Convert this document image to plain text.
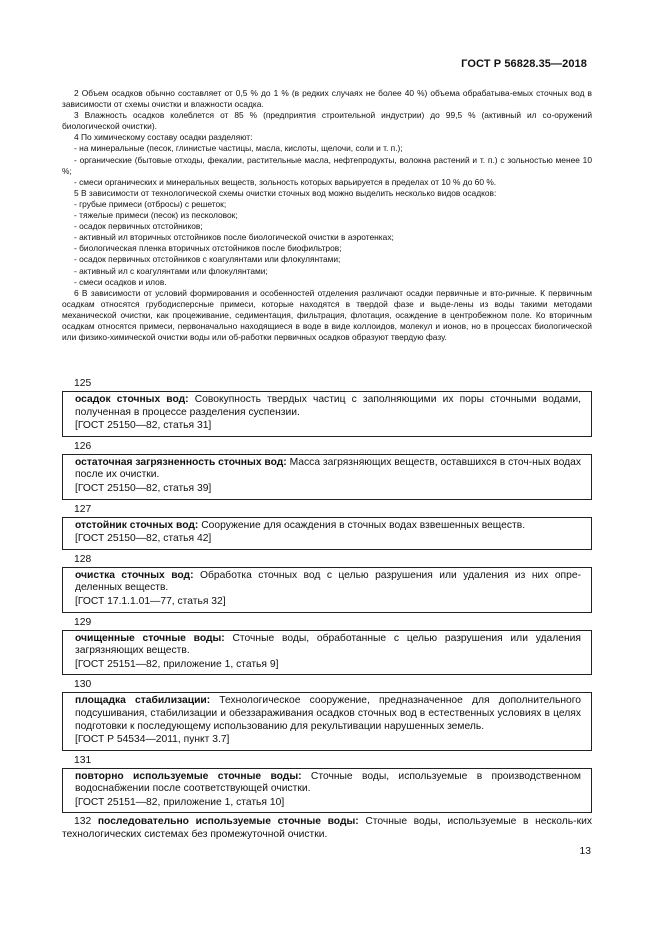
ГОСТ Р 56828.35—2018

2 Объем осадков обычно составляет от 0,5 % до 1 % (в редких случаях не более 40 %) объема обрабатыва-емых сточных вод в зависимости от схемы очистки и влажности осадка.

3 Влажность осадков колеблется от 85 % (предприятия строительной индустрии) до 99,5 % (активный ил со-оружений биологической очистки).

4 По химическому составу осадки разделяют:

- на минеральные (песок, глинистые частицы, масла, кислоты, щелочи, соли и т. п.);

- органические (бытовые отходы, фекалии, растительные масла, нефтепродукты, волокна растений и т. п.) с зольностью менее 10 %;

- смеси органических и минеральных веществ, зольность которых варьируется в пределах от 10 % до 60 %.

5 В зависимости от технологической схемы очистки сточных вод можно выделить несколько видов осадков:

- грубые примеси (отбросы) с решеток;

- тяжелые примеси (песок) из песколовок;

- осадок первичных отстойников;

- активный ил вторичных отстойников после биологической очистки в аэротенках;

- биологическая пленка вторичных отстойников после биофильтров;

- осадок первичных отстойников с коагулянтами или флокулянтами;

- активный ил с коагулянтами или флокулянтами;

- смеси осадков и илов.

6 В зависимости от условий формирования и особенностей отделения различают осадки первичные и вто-ричные. К первичным осадкам относятся грубодисперсные примеси, которые находятся в твердой фазе и выде-лены из воды такими методами механической очистки, как процеживание, седиментация, фильтрация, флотация, осаждение в центробежном поле. Ко вторичным осадкам относятся примеси, первоначально находящиеся в воде в виде коллоидов, молекул и ионов, но в процессах биологической или физико-химической очистки воды или об-работки первичных осадков образуют твердую фазу.

125
осадок сточных вод: Совокупность твердых частиц с заполняющими их поры сточными водами, полученная в процессе разделения суспензии.
[ГОСТ 25150—82, статья 31]
126
остаточная загрязненность сточных вод: Масса загрязняющих веществ, оставшихся в сточ-ных водах после их очистки.
[ГОСТ 25150—82, статья 39]
127
отстойник сточных вод: Сооружение для осаждения в сточных водах взвешенных веществ.
[ГОСТ 25150—82, статья 42]
128
очистка сточных вод: Обработка сточных вод с целью разрушения или удаления из них опре-деленных веществ.
[ГОСТ 17.1.1.01—77, статья 32]
129
очищенные сточные воды: Сточные воды, обработанные с целью разрушения или удаления загрязняющих веществ.
[ГОСТ 25151—82, приложение 1, статья 9]
130
площадка стабилизации: Технологическое сооружение, предназначенное для дополнительного подсушивания, стабилизации и обеззараживания осадков сточных вод в естественных условиях в целях подготовки к последующему использованию для рекультивации нарушенных земель.
[ГОСТ Р 54534—2011, пункт 3.7]
131
повторно используемые сточные воды: Сточные воды, используемые в производственном водоснабжении после соответствующей очистки.
[ГОСТ 25151—82, приложение 1, статья 10]
132 последовательно используемые сточные воды: Сточные воды, используемые в несколь-ких технологических системах без промежуточной очистки.
13
